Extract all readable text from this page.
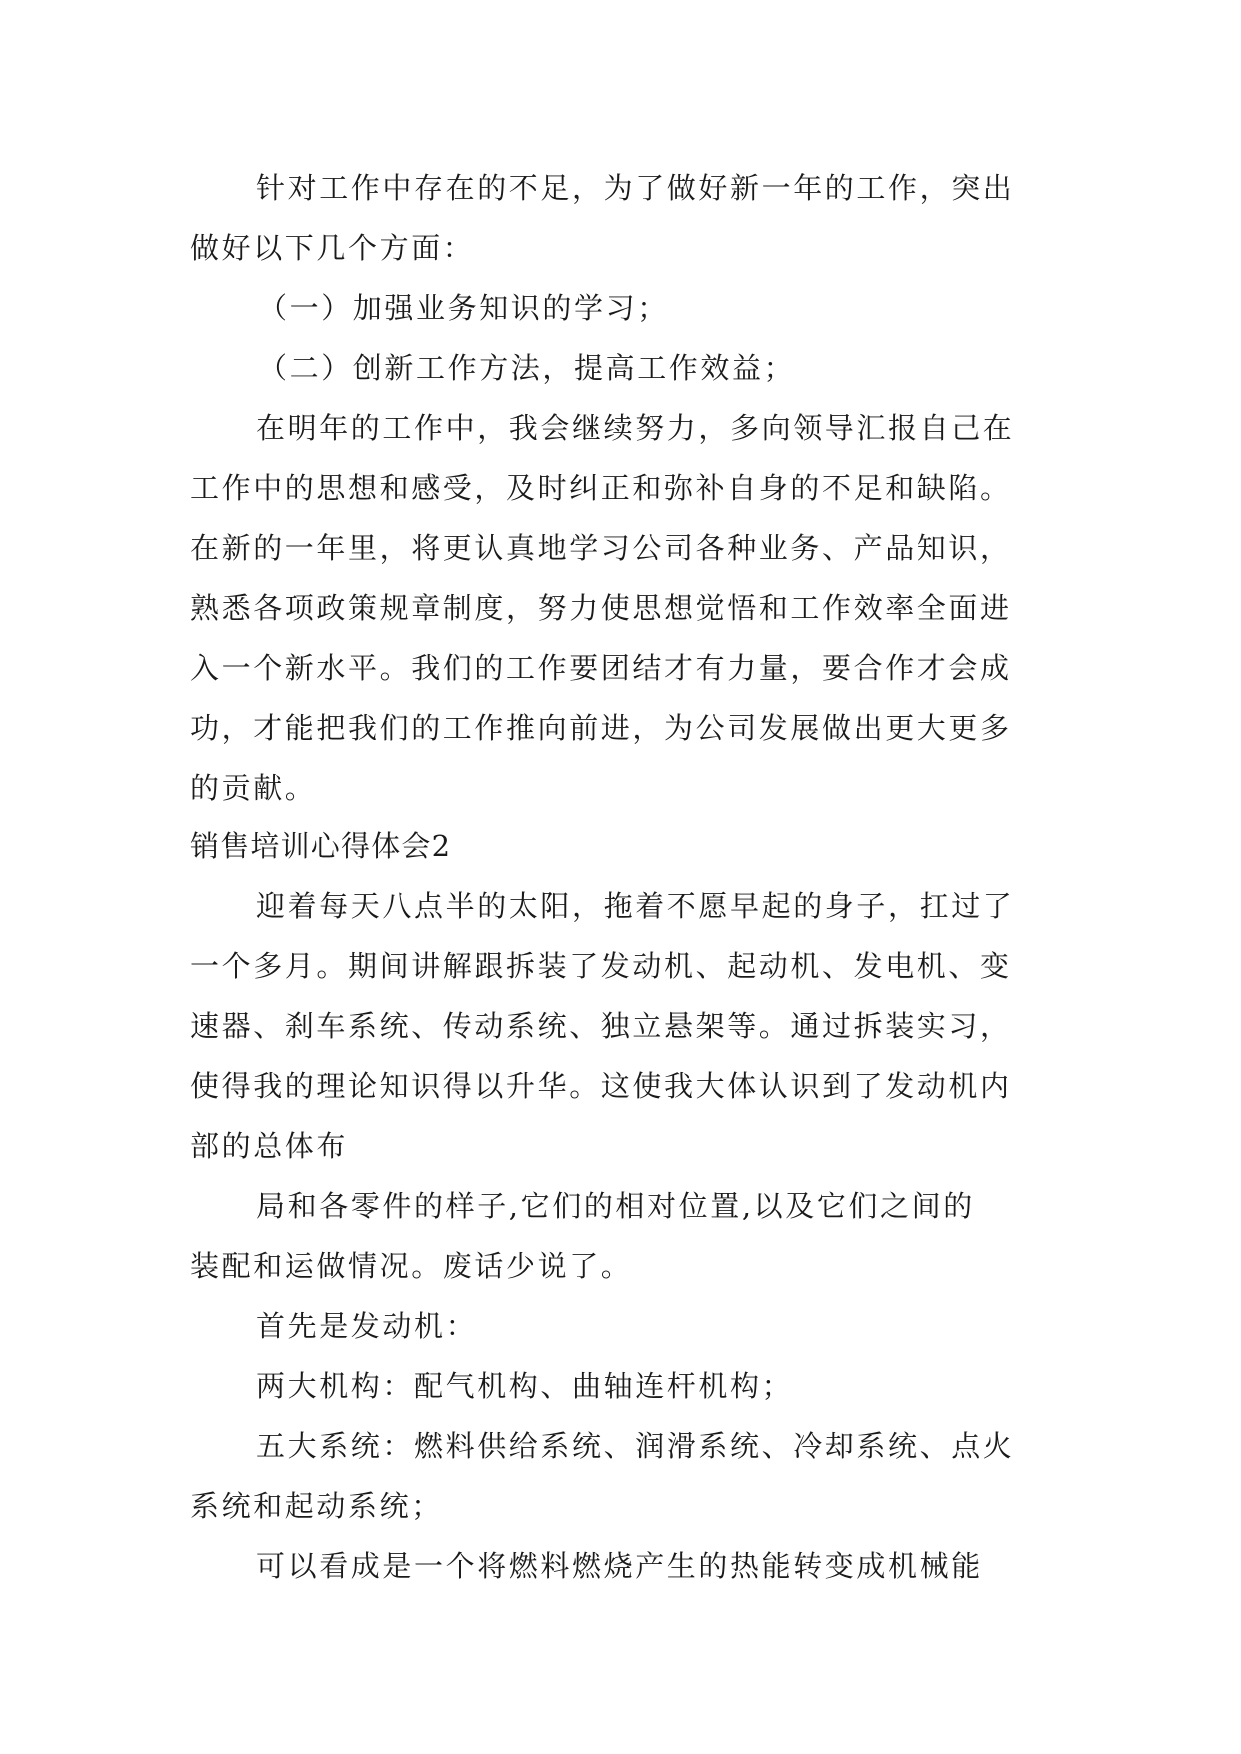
针对工作中存在的不足，为了做好新一年的工作，突出
做好以下几个方面：
（一）加强业务知识的学习；
（二）创新工作方法，提高工作效益；
在明年的工作中，我会继续努力，多向领导汇报自己在
工作中的思想和感受，及时纠正和弥补自身的不足和缺陷。
在新的一年里，将更认真地学习公司各种业务、产品知识，
熟悉各项政策规章制度，努力使思想觉悟和工作效率全面进
入一个新水平。我们的工作要团结才有力量，要合作才会成
功，才能把我们的工作推向前进，为公司发展做出更大更多
的贡献。
销售培训心得体会2
迎着每天八点半的太阳，拖着不愿早起的身子，扛过了
一个多月。期间讲解跟拆装了发动机、起动机、发电机、变
速器、刹车系统、传动系统、独立悬架等。通过拆装实习，
使得我的理论知识得以升华。这使我大体认识到了发动机内
部的总体布
局和各零件的样子,它们的相对位置,以及它们之间的
装配和运做情况。废话少说了。
首先是发动机：
两大机构：配气机构、曲轴连杆机构；
五大系统：燃料供给系统、润滑系统、冷却系统、点火
系统和起动系统；
可以看成是一个将燃料燃烧产生的热能转变成机械能
